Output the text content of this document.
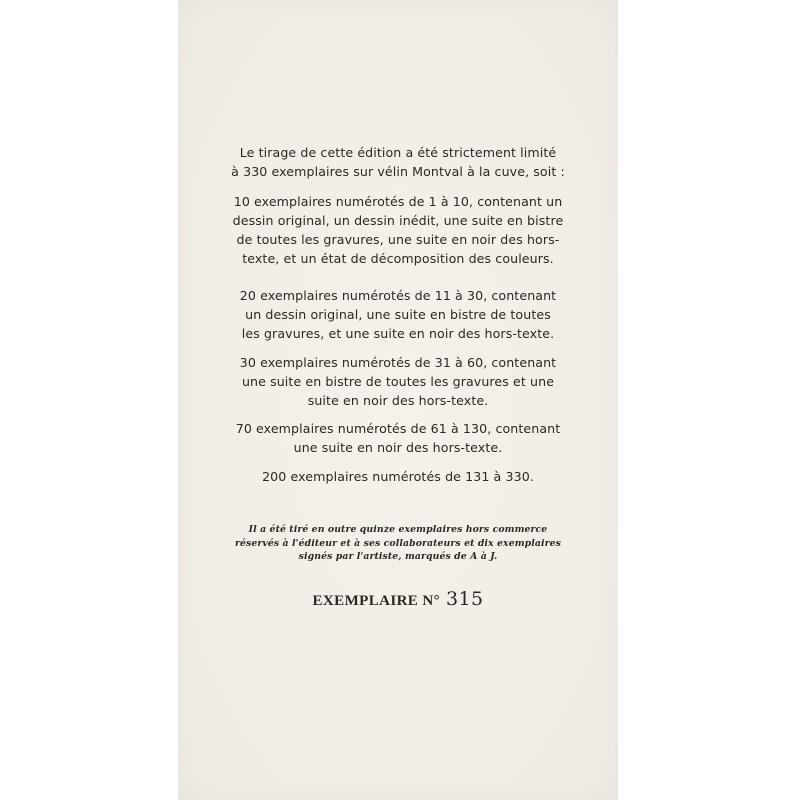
Le tirage de cette édition a été strictement limité
à 330 exemplaires sur vélin Montval à la cuve, soit :
10 exemplaires numérotés de 1 à 10, contenant un
dessin original, un dessin inédit, une suite en bistre
de toutes les gravures, une suite en noir des hors-
texte, et un état de décomposition des couleurs.
20 exemplaires numérotés de 11 à 30, contenant
un dessin original, une suite en bistre de toutes
les gravures, et une suite en noir des hors-texte.
30 exemplaires numérotés de 31 à 60, contenant
une suite en bistre de toutes les gravures et une
suite en noir des hors-texte.
70 exemplaires numérotés de 61 à 130, contenant
une suite en noir des hors-texte.
200 exemplaires numérotés de 131 à 330.
Il a été tiré en outre quinze exemplaires hors commerce
réservés à l'éditeur et à ses collaborateurs et dix exemplaires
signés par l'artiste, marqués de A à J.
EXEMPLAIRE N° 315
